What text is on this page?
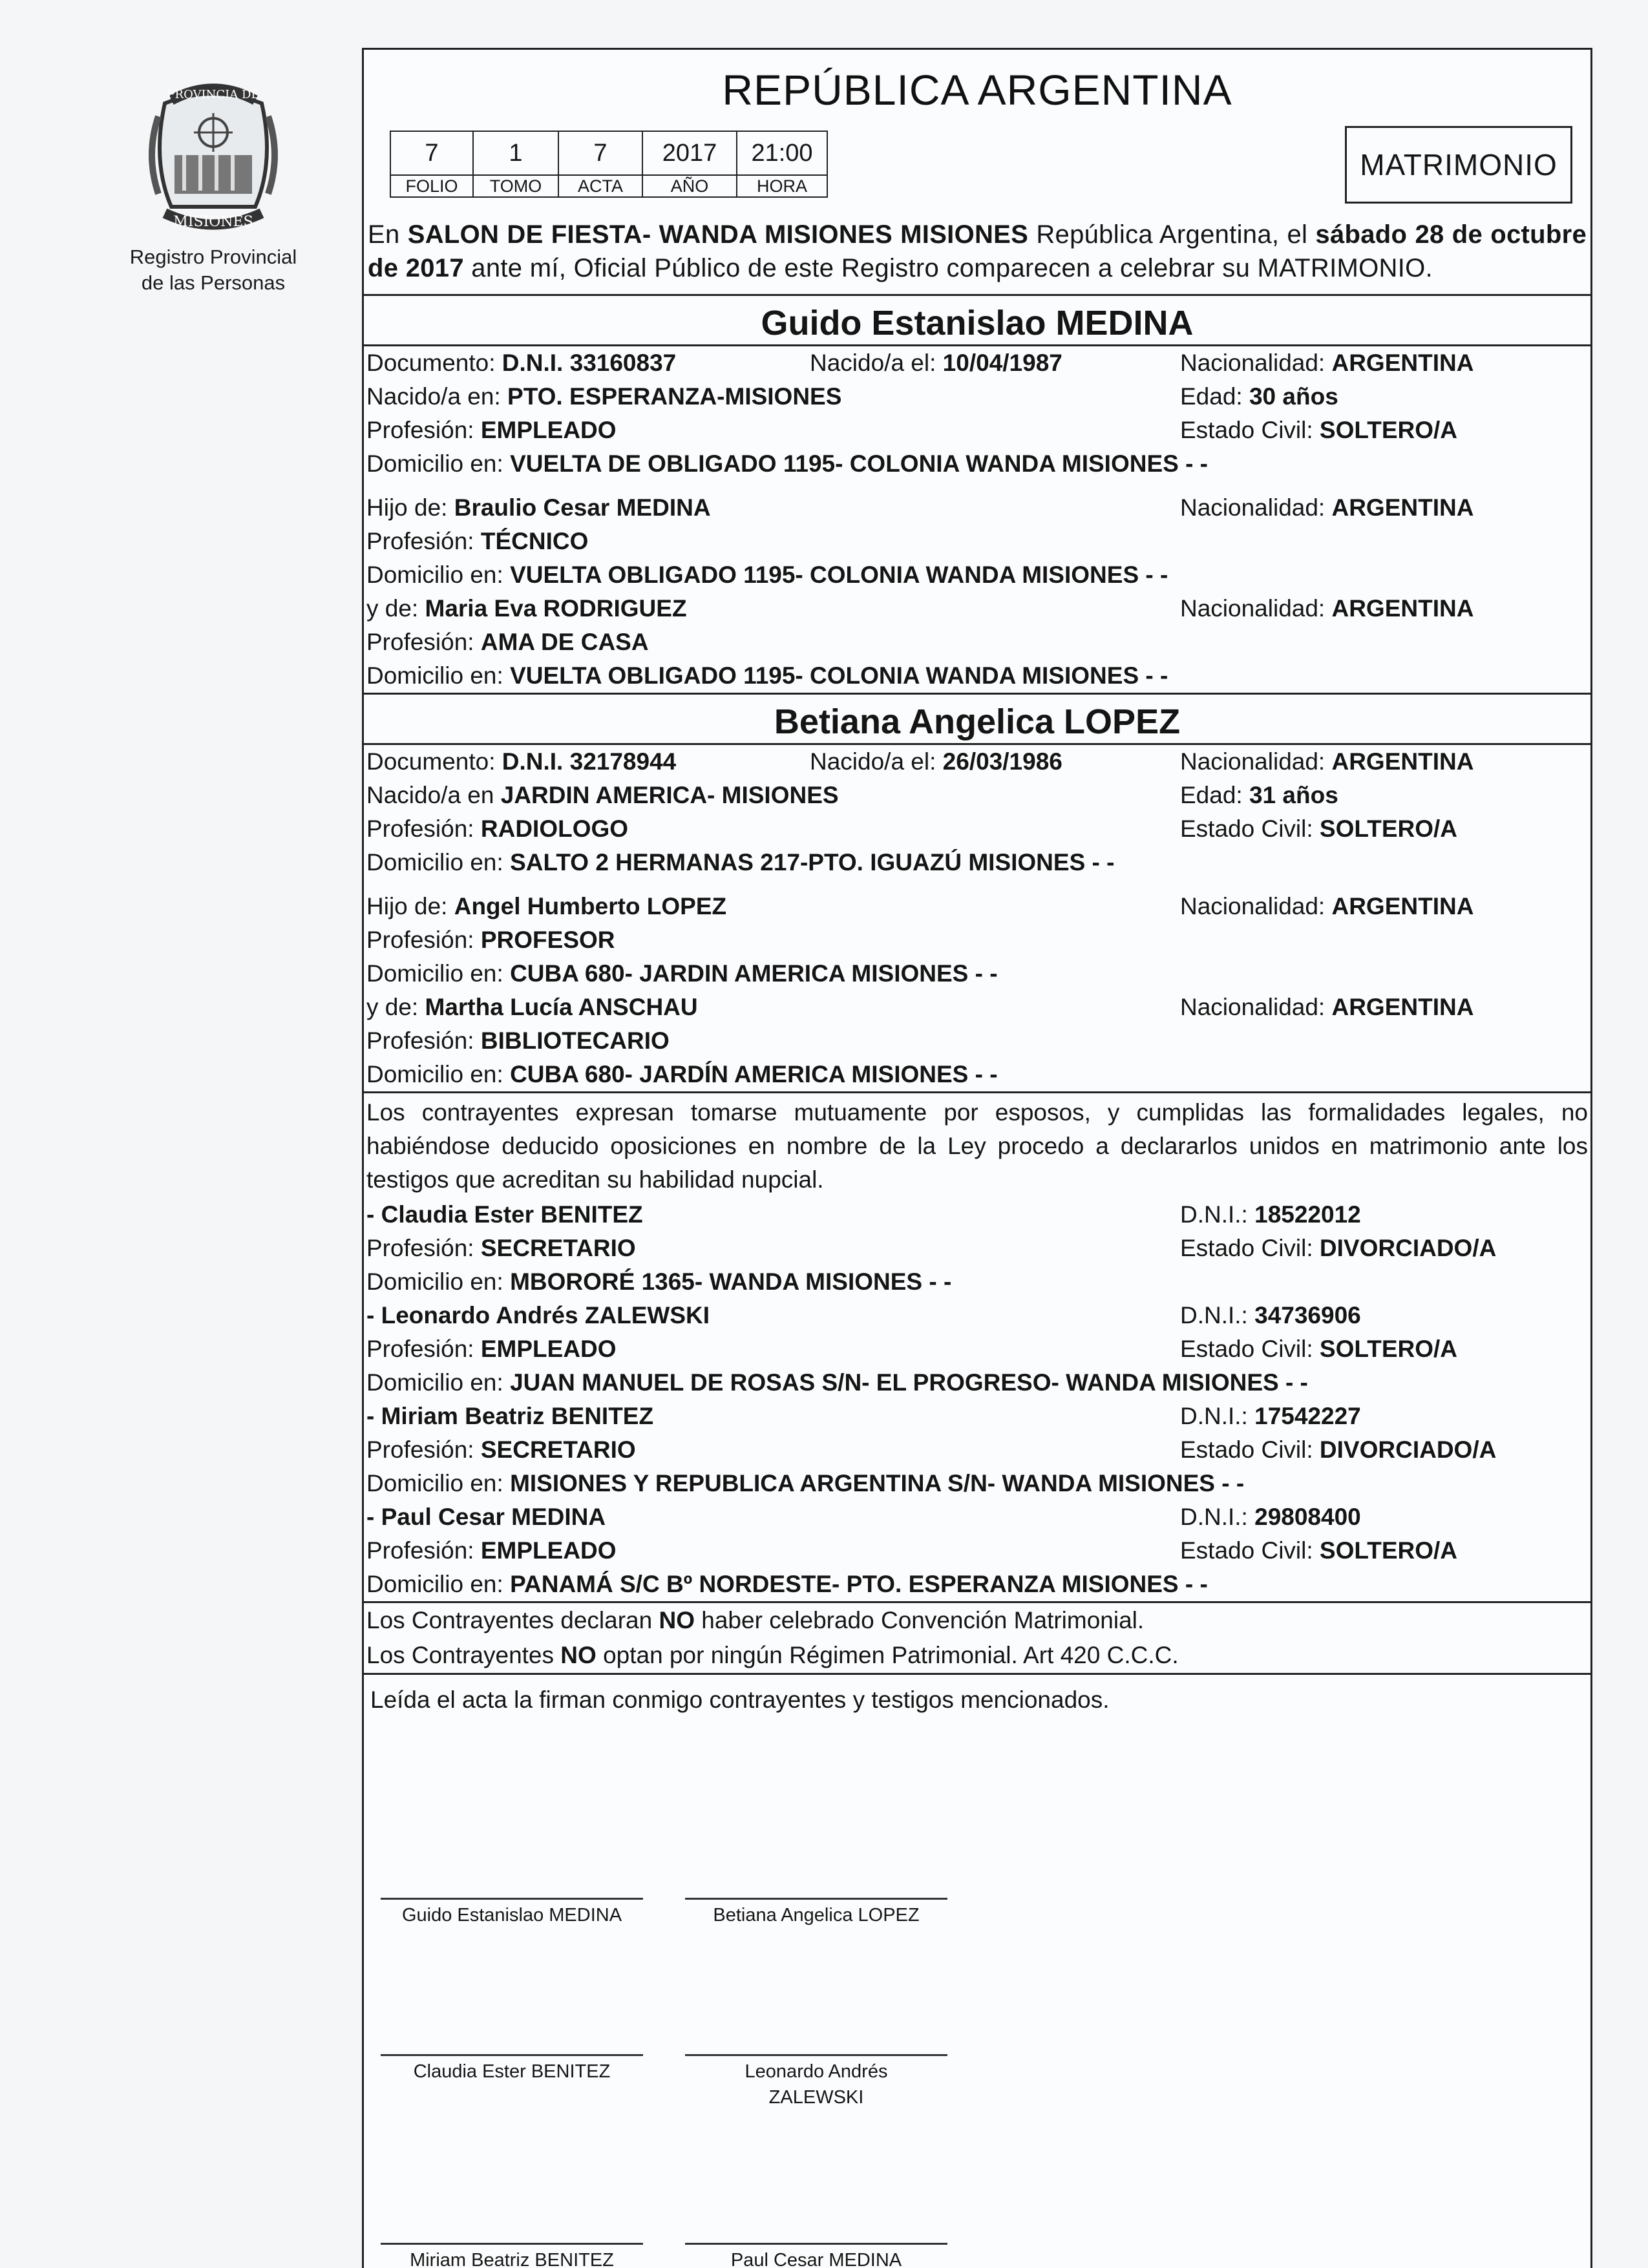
PROVINCIA DE
MISIONES
Registro Provincial
de las Personas
REPÚBLICA ARGENTINA
7	1	7	2017	21:00
FOLIO	TOMO	ACTA	AÑO	HORA
MATRIMONIO
En SALON DE FIESTA- WANDA MISIONES MISIONES República Argentina, el sábado 28 de octubre de 2017 ante mí, Oficial Público de este Registro comparecen a celebrar su MATRIMONIO.
Guido Estanislao MEDINA
Documento: D.N.I. 33160837	Nacido/a el: 10/04/1987	Nacionalidad: ARGENTINA
Nacido/a en: PTO. ESPERANZA-MISIONES	Edad: 30 años
Profesión: EMPLEADO	Estado Civil: SOLTERO/A
Domicilio en: VUELTA DE OBLIGADO 1195- COLONIA WANDA MISIONES - -
Hijo de: Braulio Cesar MEDINA	Nacionalidad: ARGENTINA
Profesión: TÉCNICO
Domicilio en: VUELTA OBLIGADO 1195- COLONIA WANDA MISIONES - -
y de: Maria Eva RODRIGUEZ	Nacionalidad: ARGENTINA
Profesión: AMA DE CASA
Domicilio en: VUELTA OBLIGADO 1195- COLONIA WANDA MISIONES - -
Betiana Angelica LOPEZ
Documento: D.N.I. 32178944	Nacido/a el: 26/03/1986	Nacionalidad: ARGENTINA
Nacido/a en JARDIN AMERICA- MISIONES	Edad: 31 años
Profesión: RADIOLOGO	Estado Civil: SOLTERO/A
Domicilio en: SALTO 2 HERMANAS 217-PTO. IGUAZÚ MISIONES - -
Hijo de: Angel Humberto LOPEZ	Nacionalidad: ARGENTINA
Profesión: PROFESOR
Domicilio en: CUBA 680- JARDIN AMERICA MISIONES - -
y de: Martha Lucía ANSCHAU	Nacionalidad: ARGENTINA
Profesión: BIBLIOTECARIO
Domicilio en: CUBA 680- JARDÍN AMERICA MISIONES - -
Los contrayentes expresan tomarse mutuamente por esposos, y cumplidas las formalidades legales, no habiéndose deducido oposiciones en nombre de la Ley procedo a declararlos unidos en matrimonio ante los testigos que acreditan su habilidad nupcial.
- Claudia Ester BENITEZ	D.N.I.: 18522012
Profesión: SECRETARIO	Estado Civil: DIVORCIADO/A
Domicilio en: MBORORÉ 1365- WANDA MISIONES - -
- Leonardo Andrés ZALEWSKI	D.N.I.: 34736906
Profesión: EMPLEADO	Estado Civil: SOLTERO/A
Domicilio en: JUAN MANUEL DE ROSAS S/N- EL PROGRESO- WANDA MISIONES - -
- Miriam Beatriz BENITEZ	D.N.I.: 17542227
Profesión: SECRETARIO	Estado Civil: DIVORCIADO/A
Domicilio en: MISIONES Y REPUBLICA ARGENTINA S/N- WANDA MISIONES - -
- Paul Cesar MEDINA	D.N.I.: 29808400
Profesión: EMPLEADO	Estado Civil: SOLTERO/A
Domicilio en: PANAMÁ S/C Bº NORDESTE- PTO. ESPERANZA MISIONES - -
Los Contrayentes declaran NO haber celebrado Convención Matrimonial.
Los Contrayentes NO optan por ningún Régimen Patrimonial. Art 420 C.C.C.
Leída el acta la firman conmigo contrayentes y testigos mencionados.
Guido Estanislao MEDINA	Betiana Angelica LOPEZ
Claudia Ester BENITEZ	Leonardo Andrés
ZALEWSKI
Miriam Beatriz BENITEZ	Paul Cesar MEDINA
